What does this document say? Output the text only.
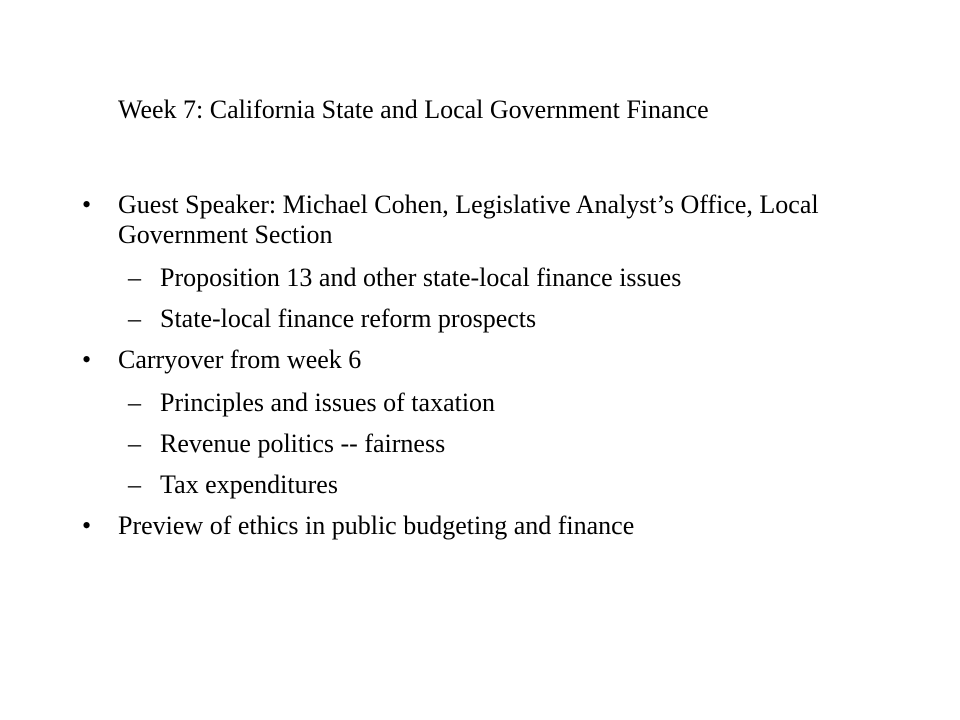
Week 7: California State and Local Government Finance
• Guest Speaker: Michael Cohen, Legislative Analyst’s Office, Local Government Section
– Proposition 13 and other state-local finance issues
– State-local finance reform prospects
• Carryover from week 6
– Principles and issues of taxation
– Revenue politics -- fairness
– Tax expenditures
• Preview of ethics in public budgeting and finance
